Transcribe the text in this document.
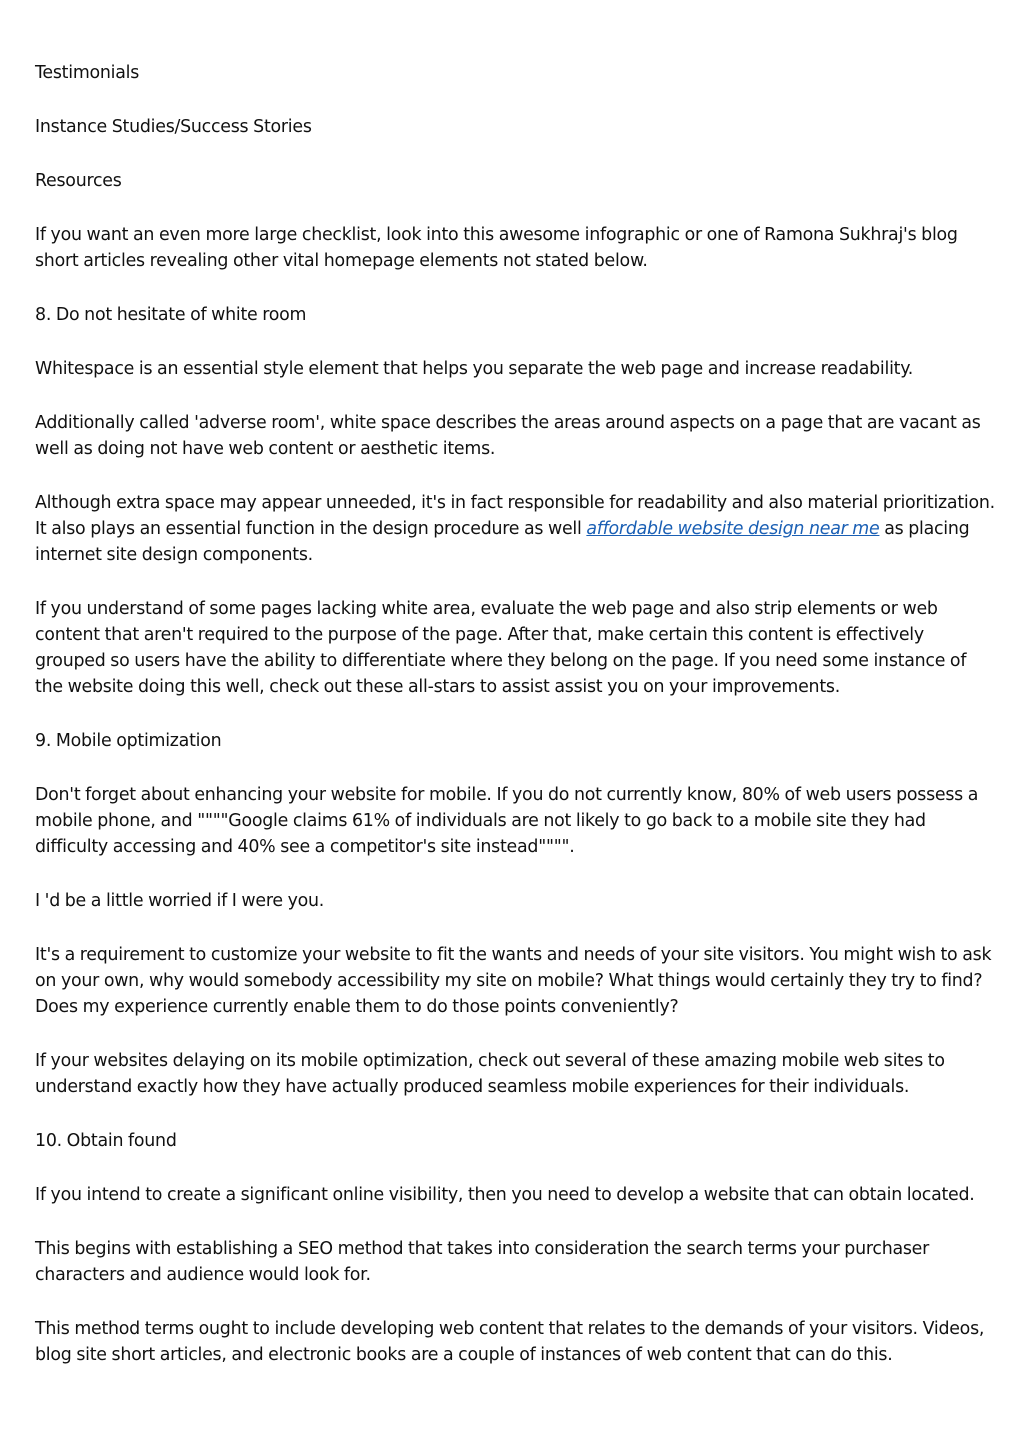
Testimonials

Instance Studies/Success Stories

Resources

If you want an even more large checklist, look into this awesome infographic or one of Ramona Sukhraj's blog short articles revealing other vital homepage elements not stated below.

8. Do not hesitate of white room

Whitespace is an essential style element that helps you separate the web page and increase readability.

Additionally called 'adverse room', white space describes the areas around aspects on a page that are vacant as well as doing not have web content or aesthetic items.

Although extra space may appear unneeded, it's in fact responsible for readability and also material prioritization. It also plays an essential function in the design procedure as well affordable website design near me as placing internet site design components.

If you understand of some pages lacking white area, evaluate the web page and also strip elements or web content that aren't required to the purpose of the page. After that, make certain this content is effectively grouped so users have the ability to differentiate where they belong on the page. If you need some instance of the website doing this well, check out these all-stars to assist assist you on your improvements.

9. Mobile optimization

Don't forget about enhancing your website for mobile. If you do not currently know, 80% of web users possess a mobile phone, and """"Google claims 61% of individuals are not likely to go back to a mobile site they had difficulty accessing and 40% see a competitor's site instead"""".

I 'd be a little worried if I were you.

It's a requirement to customize your website to fit the wants and needs of your site visitors. You might wish to ask on your own, why would somebody accessibility my site on mobile? What things would certainly they try to find? Does my experience currently enable them to do those points conveniently?

If your websites delaying on its mobile optimization, check out several of these amazing mobile web sites to understand exactly how they have actually produced seamless mobile experiences for their individuals.

10. Obtain found

If you intend to create a significant online visibility, then you need to develop a website that can obtain located.

This begins with establishing a SEO method that takes into consideration the search terms your purchaser characters and audience would look for.

This method terms ought to include developing web content that relates to the demands of your visitors. Videos, blog site short articles, and electronic books are a couple of instances of web content that can do this.
